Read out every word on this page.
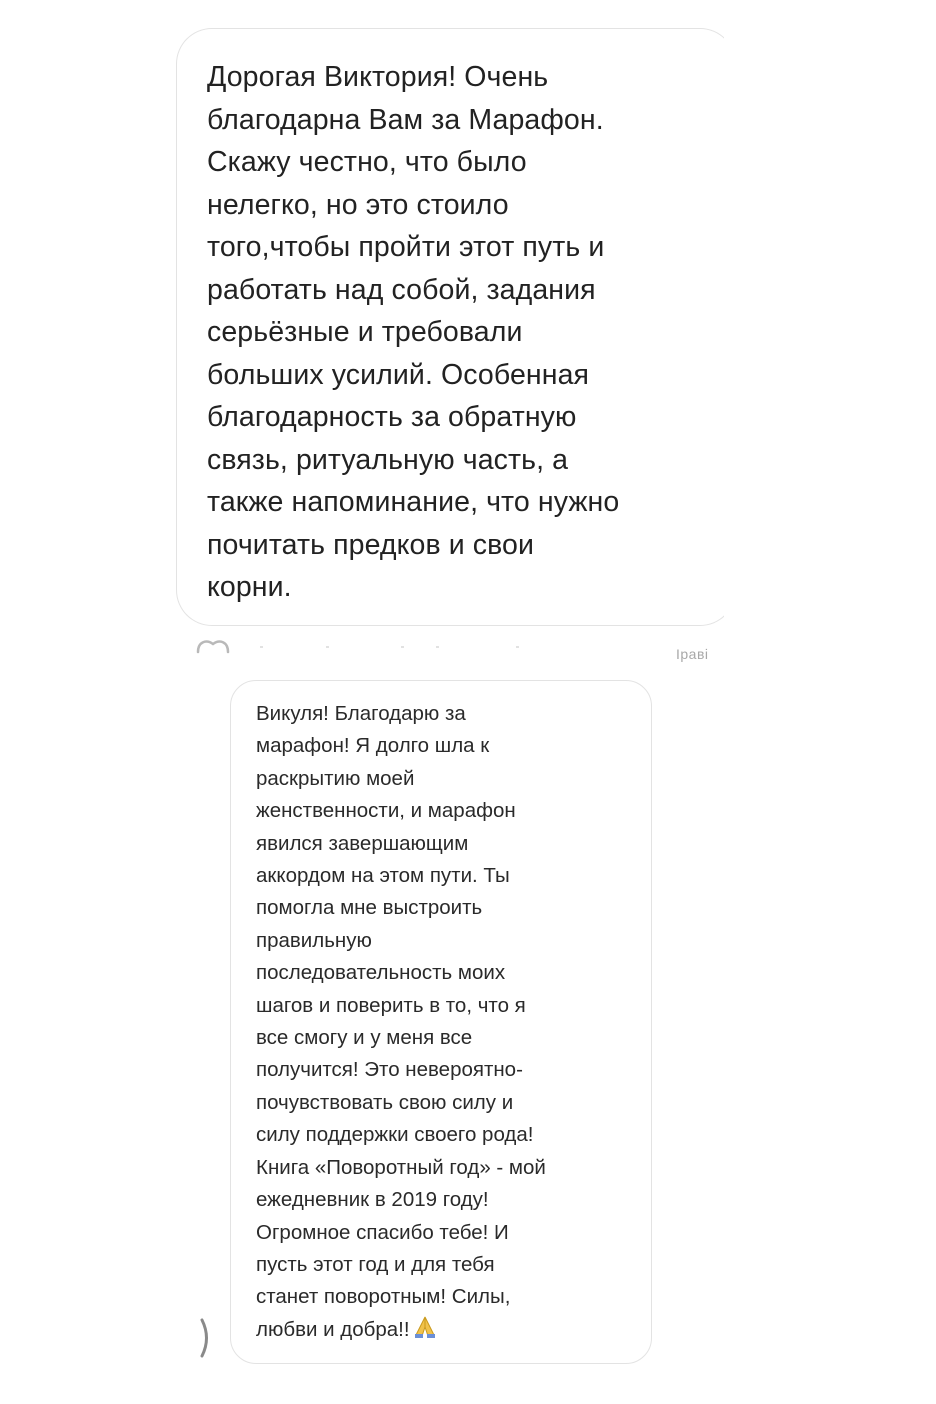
Дорогая Виктория! Очень
благодарна Вам за Марафон.
Скажу честно, что было
нелегко, но это стоило
того,чтобы пройти этот путь и
работать над собой, задания
серьёзные и требовали
больших усилий. Особенная
благодарность за обратную
связь, ритуальную часть, а
также напоминание, что нужно
почитать предков и свои
корни.
Іраві
Викуля! Благодарю за
марафон! Я долго шла к
раскрытию моей
женственности, и марафон
явился завершающим
аккордом на этом пути. Ты
помогла мне выстроить
правильную
последовательность моих
шагов и поверить в то, что я
все смогу и у меня все
получится! Это невероятно-
почувствовать свою силу и
силу поддержки своего рода!
Книга «Поворотный год» - мой
ежедневник в 2019 году!
Огромное спасибо тебе! И
пусть этот год и для тебя
станет поворотным! Силы,
любви и добра!!
